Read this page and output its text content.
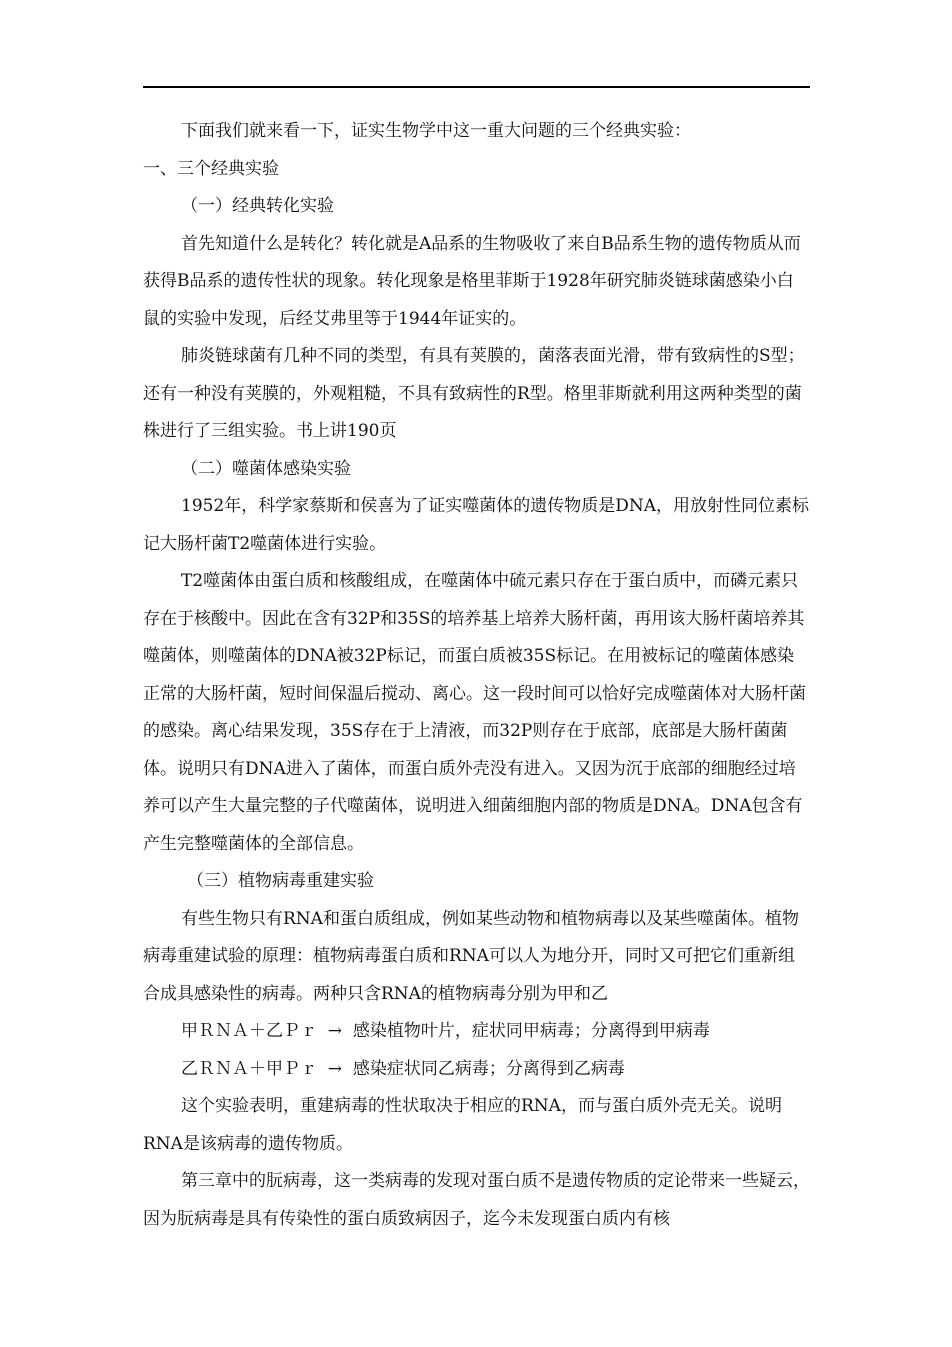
下面我们就来看一下，证实生物学中这一重大问题的三个经典实验：

一、三个经典实验

（一）经典转化实验

首先知道什么是转化？转化就是A品系的生物吸收了来自B品系生物的遗传物质从而获得B品系的遗传性状的现象。转化现象是格里菲斯于1928年研究肺炎链球菌感染小白鼠的实验中发现，后经艾弗里等于1944年证实的。

肺炎链球菌有几种不同的类型，有具有荚膜的，菌落表面光滑，带有致病性的S型；还有一种没有荚膜的，外观粗糙，不具有致病性的R型。格里菲斯就利用这两种类型的菌株进行了三组实验。书上讲190页

（二）噬菌体感染实验

1952年，科学家蔡斯和侯喜为了证实噬菌体的遗传物质是DNA，用放射性同位素标记大肠杆菌T2噬菌体进行实验。

T2噬菌体由蛋白质和核酸组成，在噬菌体中硫元素只存在于蛋白质中，而磷元素只存在于核酸中。因此在含有32P和35S的培养基上培养大肠杆菌，再用该大肠杆菌培养其噬菌体，则噬菌体的DNA被32P标记，而蛋白质被35S标记。在用被标记的噬菌体感染正常的大肠杆菌，短时间保温后搅动、离心。这一段时间可以恰好完成噬菌体对大肠杆菌的感染。离心结果发现，35S存在于上清液，而32P则存在于底部，底部是大肠杆菌菌体。说明只有DNA进入了菌体，而蛋白质外壳没有进入。又因为沉于底部的细胞经过培养可以产生大量完整的子代噬菌体，说明进入细菌细胞内部的物质是DNA。DNA包含有产生完整噬菌体的全部信息。

（三）植物病毒重建实验

有些生物只有RNA和蛋白质组成，例如某些动物和植物病毒以及某些噬菌体。植物病毒重建试验的原理：植物病毒蛋白质和RNA可以人为地分开，同时又可把它们重新组合成具感染性的病毒。两种只含RNA的植物病毒分别为甲和乙

甲ＲＮＡ＋乙Ｐｒ  →  感染植物叶片，症状同甲病毒；分离得到甲病毒

乙ＲＮＡ＋甲Ｐｒ  →  感染症状同乙病毒；分离得到乙病毒

这个实验表明，重建病毒的性状取决于相应的RNA，而与蛋白质外壳无关。说明RNA是该病毒的遗传物质。

第三章中的朊病毒，这一类病毒的发现对蛋白质不是遗传物质的定论带来一些疑云，因为朊病毒是具有传染性的蛋白质致病因子，迄今未发现蛋白质内有核
